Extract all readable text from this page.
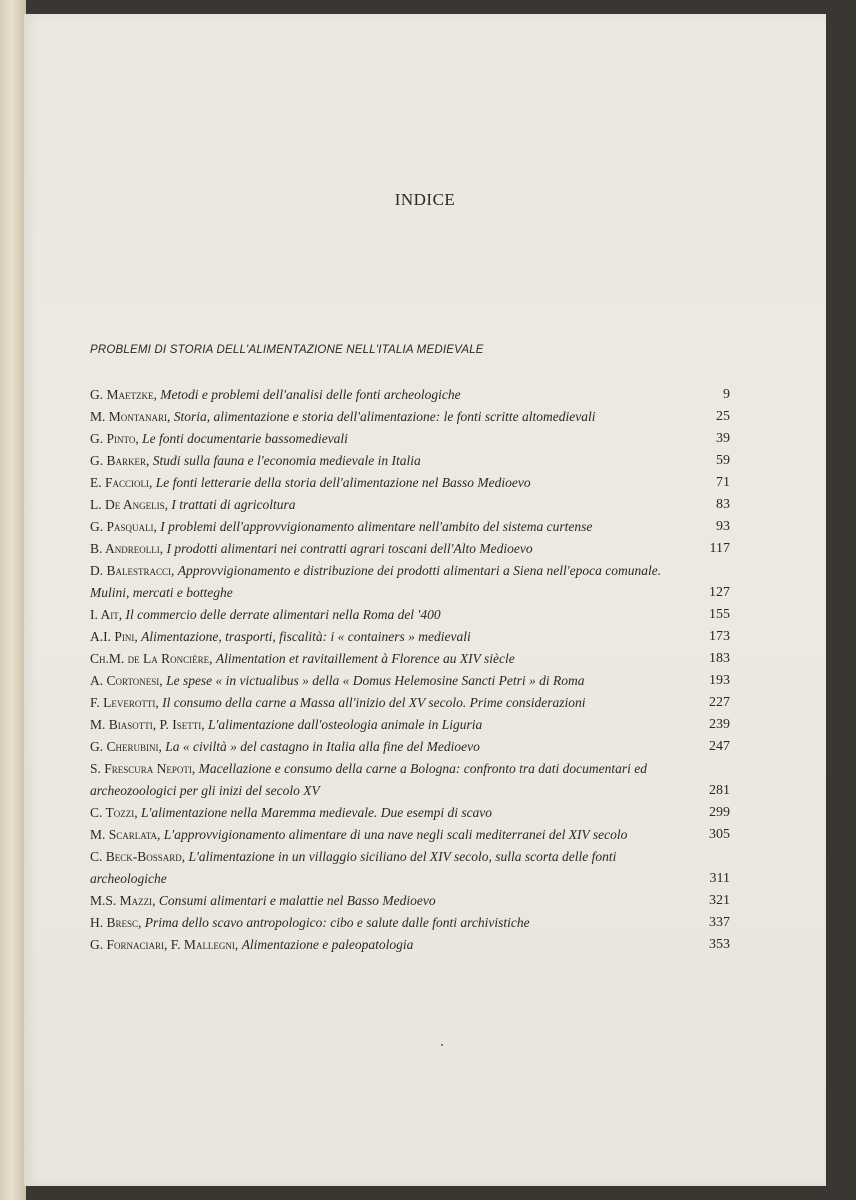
INDICE
PROBLEMI DI STORIA DELL'ALIMENTAZIONE NELL'ITALIA MEDIEVALE
G. Maetzke, Metodi e problemi dell'analisi delle fonti archeologiche	9
M. Montanari, Storia, alimentazione e storia dell'alimentazione: le fonti scritte altomedievali	25
G. Pinto, Le fonti documentarie bassomedievali	39
G. Barker, Studi sulla fauna e l'economia medievale in Italia	59
E. Faccioli, Le fonti letterarie della storia dell'alimentazione nel Basso Medioevo	71
L. De Angelis, I trattati di agricoltura	83
G. Pasquali, I problemi dell'approvvigionamento alimentare nell'ambito del sistema curtense	93
B. Andreolli, I prodotti alimentari nei contratti agrari toscani dell'Alto Medioevo	117
D. Balestracci, Approvvigionamento e distribuzione dei prodotti alimentari a Siena nell'epoca comunale. Mulini, mercati e botteghe	127
I. Ait, Il commercio delle derrate alimentari nella Roma del '400	155
A.I. Pini, Alimentazione, trasporti, fiscalità: i « containers » medievali	173
Ch.M. de La Roncière, Alimentation et ravitaillement à Florence au XIV siècle	183
A. Cortonesi, Le spese « in victualibus » della « Domus Helemosine Sancti Petri » di Roma	193
F. Leverotti, Il consumo della carne a Massa all'inizio del XV secolo. Prime considerazioni	227
M. Biasotti, P. Isetti, L'alimentazione dall'osteologia animale in Liguria	239
G. Cherubini, La « civiltà » del castagno in Italia alla fine del Medioevo	247
S. Frescura Nepoti, Macellazione e consumo della carne a Bologna: confronto tra dati documentari ed archeozoologici per gli inizi del secolo XV	281
C. Tozzi, L'alimentazione nella Maremma medievale. Due esempi di scavo	299
M. Scarlata, L'approvvigionamento alimentare di una nave negli scali mediterranei del XIV secolo	305
C. Beck-Bossard, L'alimentazione in un villaggio siciliano del XIV secolo, sulla scorta delle fonti archeologiche	311
M.S. Mazzi, Consumi alimentari e malattie nel Basso Medioevo	321
H. Bresc, Prima dello scavo antropologico: cibo e salute dalle fonti archivistiche	337
G. Fornaciari, F. Mallegni, Alimentazione e paleopatologia	353
